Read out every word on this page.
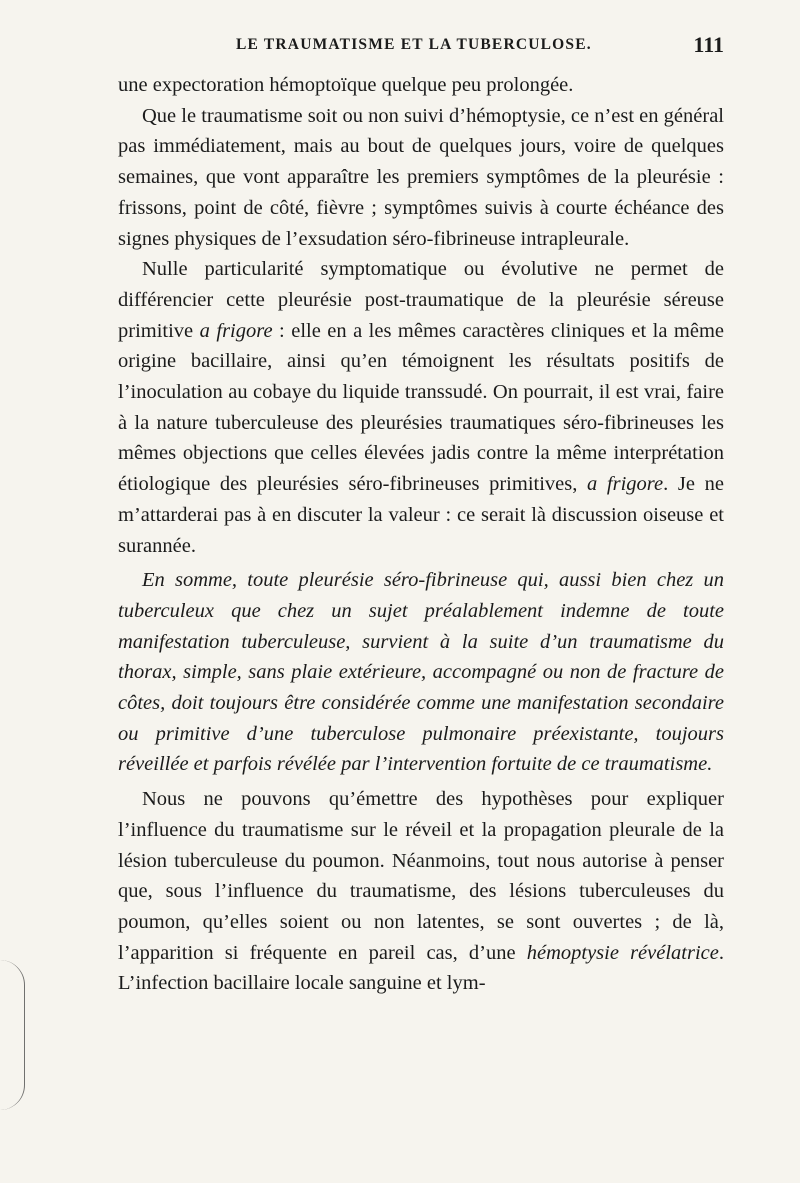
LE TRAUMATISME ET LA TUBERCULOSE.	111

une expectoration hémoptoïque quelque peu prolongée.

Que le traumatisme soit ou non suivi d’hémoptysie, ce n’est en général pas immédiatement, mais au bout de quelques jours, voire de quelques semaines, que vont apparaître les premiers symptômes de la pleurésie : frissons, point de côté, fièvre ; symptômes suivis à courte échéance des signes physiques de l’exsudation séro-fibrineuse intrapleurale.

Nulle particularité symptomatique ou évolutive ne permet de différencier cette pleurésie post-traumatique de la pleurésie séreuse primitive a frigore : elle en a les mêmes caractères cliniques et la même origine bacillaire, ainsi qu’en témoignent les résultats positifs de l’inoculation au cobaye du liquide transsudé. On pourrait, il est vrai, faire à la nature tuberculeuse des pleurésies traumatiques séro-fibrineuses les mêmes objections que celles élevées jadis contre la même interprétation étiologique des pleurésies séro-fibrineuses primitives, a frigore. Je ne m’attarderai pas à en discuter la valeur : ce serait là discussion oiseuse et surannée.

En somme, toute pleurésie séro-fibrineuse qui, aussi bien chez un tuberculeux que chez un sujet préalablement indemne de toute manifestation tuberculeuse, survient à la suite d’un traumatisme du thorax, simple, sans plaie extérieure, accompagné ou non de fracture de côtes, doit toujours être considérée comme une manifestation secondaire ou primitive d’une tuberculose pulmonaire préexistante, toujours réveillée et parfois révélée par l’intervention fortuite de ce traumatisme.

Nous ne pouvons qu’émettre des hypothèses pour expliquer l’influence du traumatisme sur le réveil et la propagation pleurale de la lésion tuberculeuse du poumon. Néanmoins, tout nous autorise à penser que, sous l’influence du traumatisme, des lésions tuberculeuses du poumon, qu’elles soient ou non latentes, se sont ouvertes ; de là, l’apparition si fréquente en pareil cas, d’une hémoptysie révélatrice. L’infection bacillaire locale sanguine et lym-
